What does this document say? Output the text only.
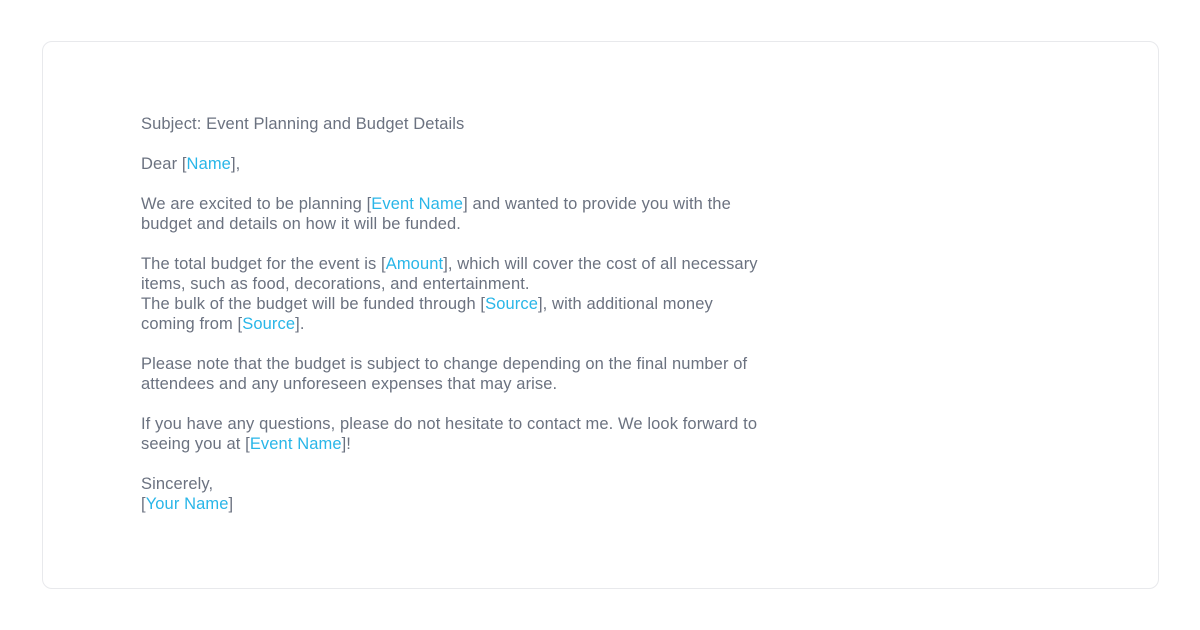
Subject: Event Planning and Budget Details

Dear [Name],

We are excited to be planning [Event Name] and wanted to provide you with the budget and details on how it will be funded.

The total budget for the event is [Amount], which will cover the cost of all necessary items, such as food, decorations, and entertainment.
The bulk of the budget will be funded through [Source], with additional money coming from [Source].

Please note that the budget is subject to change depending on the final number of attendees and any unforeseen expenses that may arise.

If you have any questions, please do not hesitate to contact me. We look forward to seeing you at [Event Name]!

Sincerely,
[Your Name]
